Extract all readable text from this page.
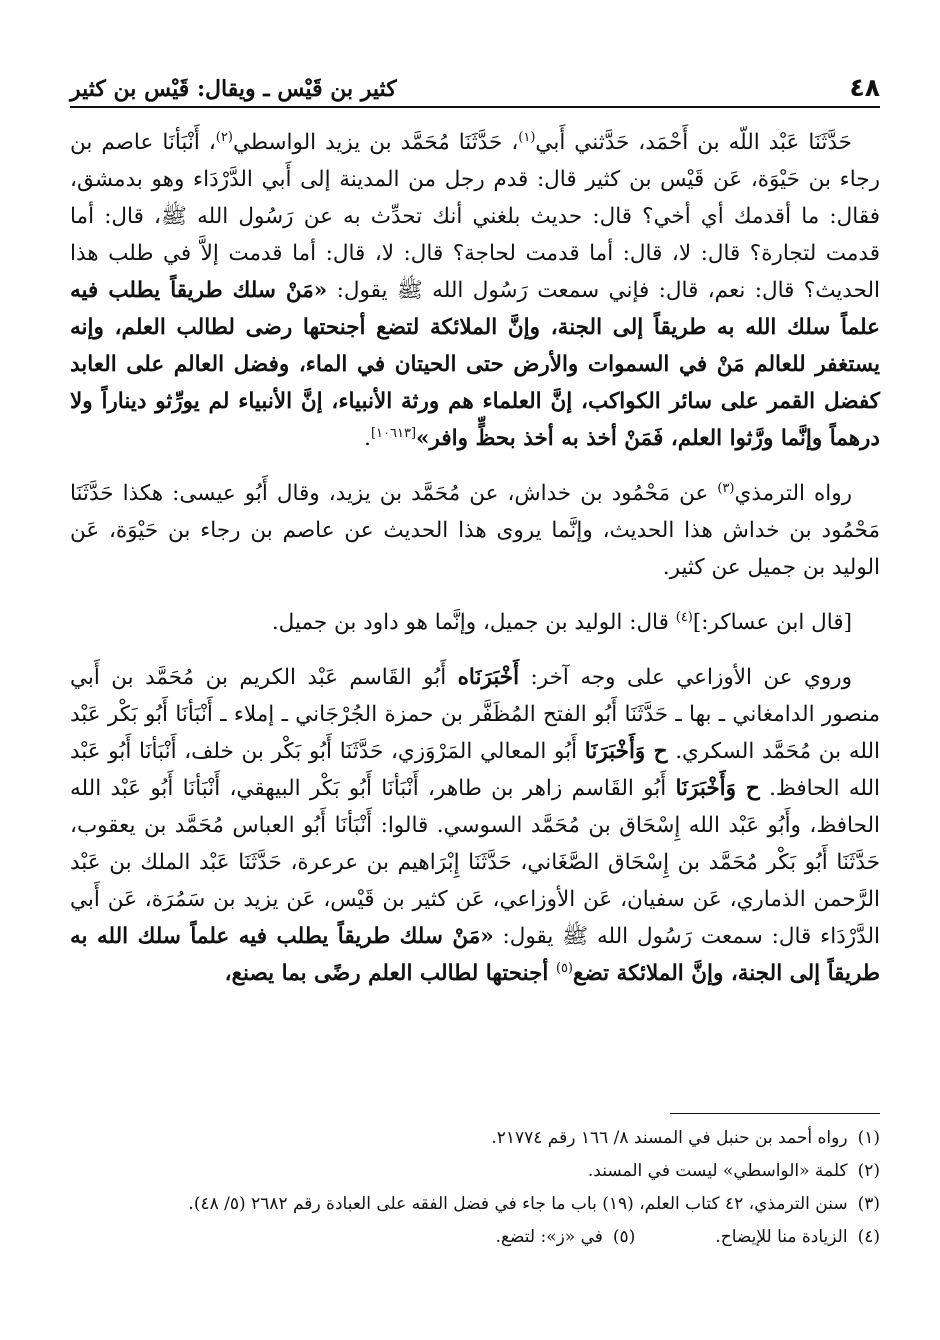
٤٨
كثير بن قَيْس ـ ويقال: قَيْس بن كثير

حَدَّثَنَا عَبْد اللّه بن أَحْمَد، حَدَّثني أَبي$^{(١)}$، حَدَّثَنَا مُحَمَّد بن يزيد الواسطي$^{(٢)}$، أَنْبَأنَا عاصم بن رجاء بن حَيْوَة، عَن قَيْس بن كثير قال: قدم رجل من المدينة إلى أَبي الدَّرْدَاء وهو بدمشق، فقال: ما أقدمك أي أخي؟ قال: حديث بلغني أنك تحدِّث به عن رَسُول الله ﷺ، قال: أما قدمت لتجارة؟ قال: لا، قال: أما قدمت لحاجة؟ قال: لا، قال: أما قدمت إلاَّ في طلب هذا الحديث؟ قال: نعم، قال: فإني سمعت رَسُول الله ﷺ يقول: «مَنْ سلك طريقاً يطلب فيه علماً سلك الله به طريقاً إلى الجنة، وإنَّ الملائكة لتضع أجنحتها رضى لطالب العلم، وإنه يستغفر للعالم مَنْ في السموات والأرض حتى الحيتان في الماء، وفضل العالم على العابد كفضل القمر على سائر الكواكب، إنَّ العلماء هم ورثة الأنبياء، إنَّ الأنبياء لم يورِّثو ديناراً ولا درهماً وإنَّما ورَّثوا العلم، فَمَنْ أخذ به أخذ بحظٍّ وافر»[١٠٦١٣].

رواه الترمذي$^{(٣)}$ عن مَحْمُود بن خداش، عن مُحَمَّد بن يزيد، وقال أَبُو عيسى: هكذا حَدَّثَنَا مَحْمُود بن خداش هذا الحديث، وإنَّما يروى هذا الحديث عن عاصم بن رجاء بن حَيْوَة، عَن الوليد بن جميل عن كثير.

[قال ابن عساكر:]$^{(٤)}$ قال: الوليد بن جميل، وإنَّما هو داود بن جميل.

وروي عن الأوزاعي على وجه آخر: أَخْبَرَنَاه أَبُو القَاسم عَبْد الكريم بن مُحَمَّد بن أَبي منصور الدامغاني ـ بها ـ حَدَّثَنَا أَبُو الفتح المُظَفَّر بن حمزة الجُرْجَاني ـ إملاء ـ أَنْبَأنَا أَبُو بَكْر عَبْد الله بن مُحَمَّد السكري. ح وَأَخْبَرَنَا أَبُو المعالي المَرْوَزي، حَدَّثَنَا أَبُو بَكْر بن خلف، أَنْبَأنَا أَبُو عَبْد الله الحافظ. ح وَأَخْبَرَنَا أَبُو القَاسم زاهر بن طاهر، أَنْبَأنَا أَبُو بَكْر البيهقي، أَنْبَأنَا أَبُو عَبْد الله الحافظ، وأَبُو عَبْد الله إِسْحَاق بن مُحَمَّد السوسي. قالوا: أَنْبَأنَا أَبُو العباس مُحَمَّد بن يعقوب، حَدَّثَنَا أَبُو بَكْر مُحَمَّد بن إِسْحَاق الصَّغَاني، حَدَّثَنَا إِبْرَاهيم بن عرعرة، حَدَّثَنَا عَبْد الملك بن عَبْد الرَّحمن الذماري، عَن سفيان، عَن الأوزاعي، عَن كثير بن قَيْس، عَن يزيد بن سَمُرَة، عَن أَبي الدَّرْدَاء قال: سمعت رَسُول الله ﷺ يقول: «مَنْ سلك طريقاً يطلب فيه علماً سلك الله به طريقاً إلى الجنة، وإنَّ الملائكة تضع$^{(٥)}$ أجنحتها لطالب العلم رضًى بما يصنع،

(١)
رواه أحمد بن حنبل في المسند ٨/ ١٦٦ رقم ٢١٧٧٤.
(٢)
كلمة «الواسطي» ليست في المسند.
(٣)
سنن الترمذي، ٤٢ كتاب العلم، (١٩) باب ما جاء في فضل الفقه على العبادة رقم ٢٦٨٢ (٥/ ٤٨).
(٤)
الزيادة منا للإيضاح.
(٥)
في «ز»: لتضع.
